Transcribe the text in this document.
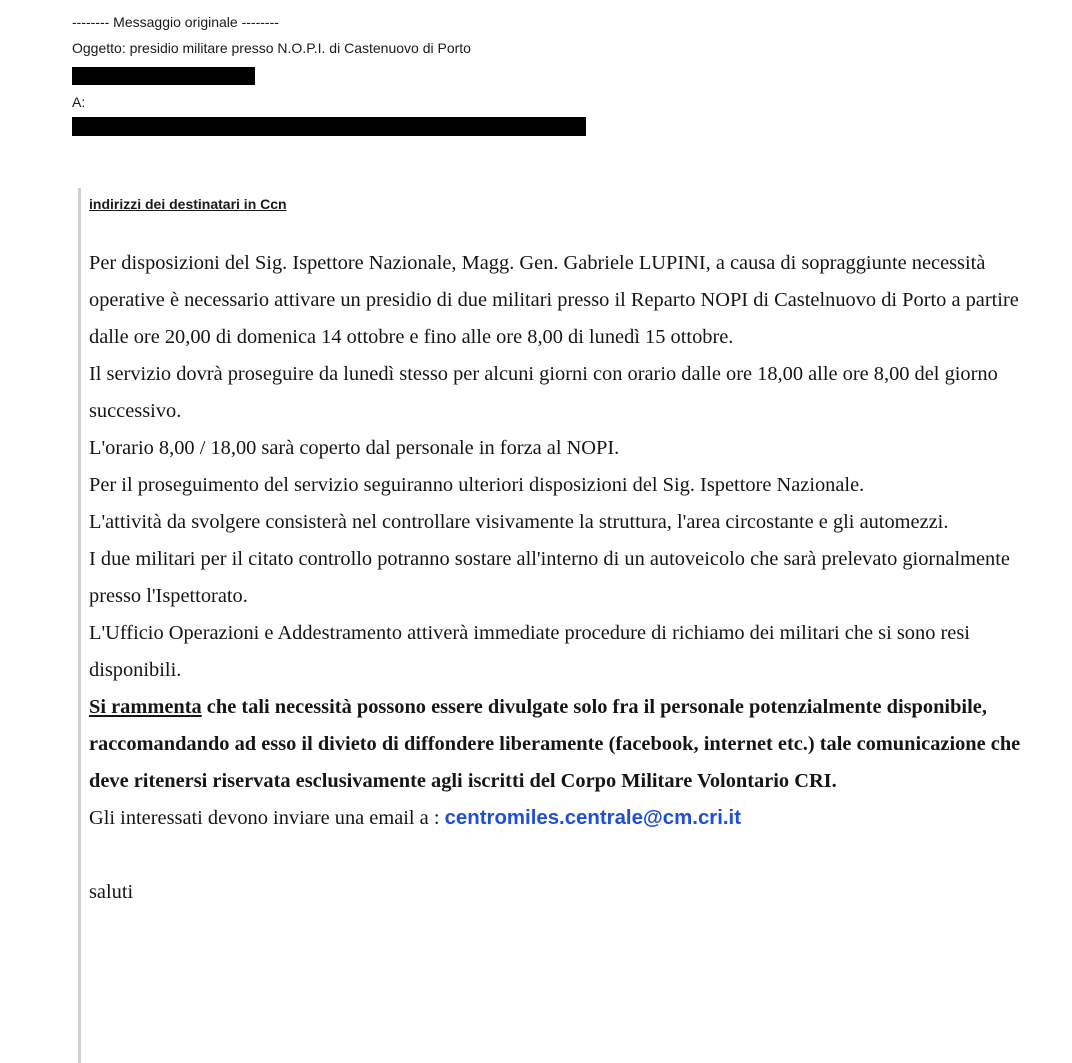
-------- Messaggio originale --------
Oggetto: presidio militare presso N.O.P.I. di Castenuovo di Porto
A:
indirizzi dei destinatari in Ccn

Per disposizioni del Sig. Ispettore Nazionale, Magg. Gen. Gabriele LUPINI, a causa di sopraggiunte necessità operative è necessario attivare un presidio di due militari presso il Reparto NOPI di Castelnuovo di Porto a partire dalle ore 20,00 di domenica 14 ottobre e fino alle ore 8,00 di lunedì 15 ottobre.

Il servizio dovrà proseguire da lunedì stesso per alcuni giorni con orario dalle ore 18,00 alle ore 8,00 del giorno successivo.

L'orario 8,00 / 18,00 sarà coperto dal personale in forza al NOPI.

Per il proseguimento del servizio seguiranno ulteriori disposizioni del Sig. Ispettore Nazionale.

L'attività da svolgere consisterà nel controllare visivamente la struttura, l'area circostante e gli automezzi.

I due militari per il citato controllo potranno sostare all'interno di un autoveicolo che sarà prelevato giornalmente presso l'Ispettorato.

L'Ufficio Operazioni e Addestramento attiverà immediate procedure di richiamo dei militari che si sono resi disponibili.

Si rammenta che tali necessità possono essere divulgate solo fra il personale potenzialmente disponibile, raccomandando ad esso il divieto di diffondere liberamente (facebook, internet etc.) tale comunicazione che deve ritenersi riservata esclusivamente agli iscritti del Corpo Militare Volontario CRI.

Gli interessati devono inviare una email a : centromiles.centrale@cm.cri.it

saluti
